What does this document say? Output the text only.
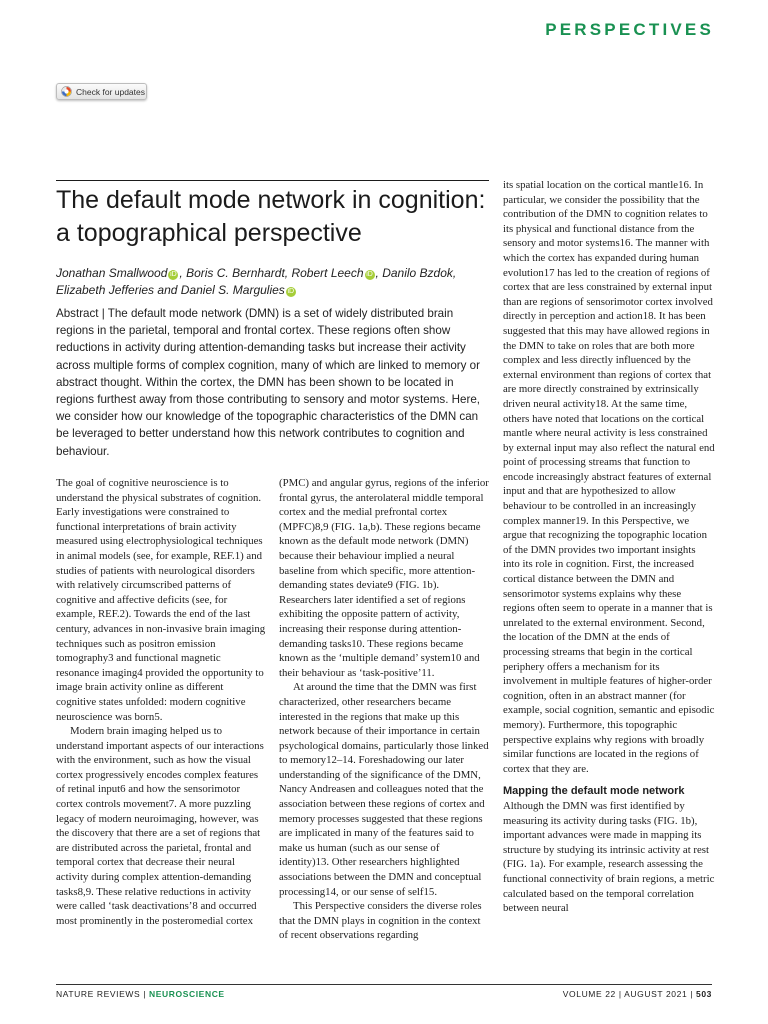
PERSPECTIVES
Check for updates
The default mode network in cognition: a topographical perspective
Jonathan Smallwood iD , Boris C. Bernhardt, Robert Leech iD , Danilo Bzdok,
Elizabeth Jefferies and Daniel S. Margulies iD
Abstract | The default mode network (DMN) is a set of widely distributed brain regions in the parietal, temporal and frontal cortex. These regions often show reductions in activity during attention-demanding tasks but increase their activity across multiple forms of complex cognition, many of which are linked to memory or abstract thought. Within the cortex, the DMN has been shown to be located in regions furthest away from those contributing to sensory and motor systems. Here, we consider how our knowledge of the topographic characteristics of the DMN can be leveraged to better understand how this network contributes to cognition and behaviour.

The goal of cognitive neuroscience is to understand the physical substrates of cognition. Early investigations were constrained to functional interpretations of brain activity measured using electrophysiological techniques in animal models (see, for example, REF.1) and studies of patients with neurological disorders with relatively circumscribed patterns of cognitive and affective deficits (see, for example, REF.2). Towards the end of the last century, advances in non-invasive brain imaging techniques such as positron emission tomography3 and functional magnetic resonance imaging4 provided the opportunity to image brain activity online as different cognitive states unfolded: modern cognitive neuroscience was born5.

Modern brain imaging helped us to understand important aspects of our interactions with the environment, such as how the visual cortex progressively encodes complex features of retinal input6 and how the sensorimotor cortex controls movement7. A more puzzling legacy of modern neuroimaging, however, was the discovery that there are a set of regions that are distributed across the parietal, frontal and temporal cortex that decrease their neural activity during complex attention-demanding tasks8,9. These relative reductions in activity were called ‘task deactivations’8 and occurred most prominently in the posteromedial cortex

(PMC) and angular gyrus, regions of the inferior frontal gyrus, the anterolateral middle temporal cortex and the medial prefrontal cortex (MPFC)8,9 (FIG. 1a,b). These regions became known as the default mode network (DMN) because their behaviour implied a neural baseline from which specific, more attention-demanding states deviate9 (FIG. 1b). Researchers later identified a set of regions exhibiting the opposite pattern of activity, increasing their response during attention-demanding tasks10. These regions became known as the ‘multiple demand’ system10 and their behaviour as ‘task-positive’11.

At around the time that the DMN was first characterized, other researchers became interested in the regions that make up this network because of their importance in certain psychological domains, particularly those linked to memory12–14. Foreshadowing our later understanding of the significance of the DMN, Nancy Andreasen and colleagues noted that the association between these regions of cortex and memory processes suggested that these regions are implicated in many of the features said to make us human (such as our sense of identity)13. Other researchers highlighted associations between the DMN and conceptual processing14, or our sense of self15.

This Perspective considers the diverse roles that the DMN plays in cognition in the context of recent observations regarding

its spatial location on the cortical mantle16. In particular, we consider the possibility that the contribution of the DMN to cognition relates to its physical and functional distance from the sensory and motor systems16. The manner with which the cortex has expanded during human evolution17 has led to the creation of regions of cortex that are less constrained by external input than are regions of sensorimotor cortex involved directly in perception and action18. It has been suggested that this may have allowed regions in the DMN to take on roles that are both more complex and less directly influenced by the external environment than regions of cortex that are more directly constrained by extrinsically driven neural activity18. At the same time, others have noted that locations on the cortical mantle where neural activity is less constrained by external input may also reflect the natural end point of processing streams that function to encode increasingly abstract features of external input and that are hypothesized to allow behaviour to be controlled in an increasingly complex manner19. In this Perspective, we argue that recognizing the topographic location of the DMN provides two important insights into its role in cognition. First, the increased cortical distance between the DMN and sensorimotor systems explains why these regions often seem to operate in a manner that is unrelated to the external environment. Second, the location of the DMN at the ends of processing streams that begin in the cortical periphery offers a mechanism for its involvement in multiple features of higher-order cognition, often in an abstract manner (for example, social cognition, semantic and episodic memory). Furthermore, this topographic perspective explains why regions with broadly similar functions are located in the regions of cortex that they are.

Mapping the default mode network

Although the DMN was first identified by measuring its activity during tasks (FIG. 1b), important advances were made in mapping its structure by studying its intrinsic activity at rest (FIG. 1a). For example, research assessing the functional connectivity of brain regions, a metric calculated based on the temporal correlation between neural

NATURE REVIEWS | NEUROSCIENCE	VOLUME 22 | AUGUST 2021 | 503
